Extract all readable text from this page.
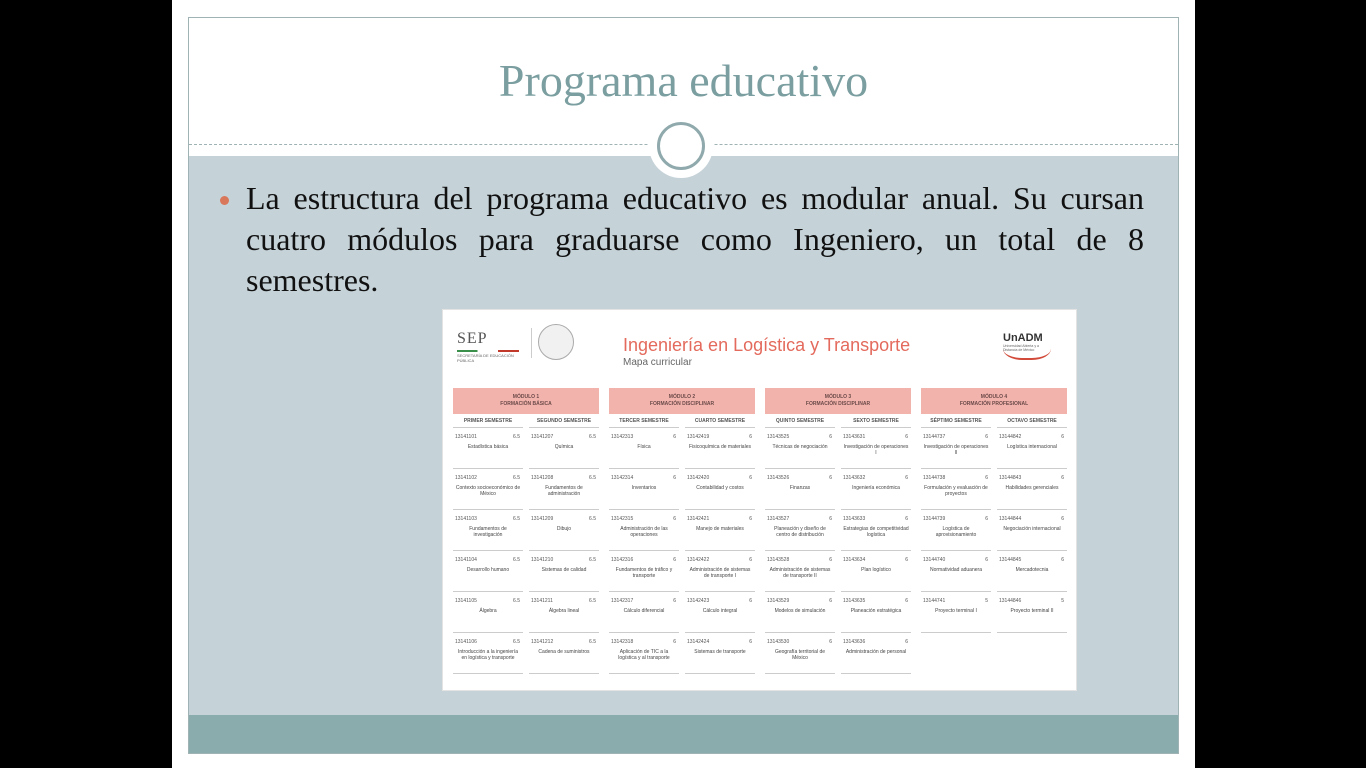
Programa educativo
La estructura del programa educativo es modular anual. Su cursan cuatro módulos para graduarse como Ingeniero, un total de 8 semestres.
SEP
SECRETARÍA DE EDUCACIÓN PÚBLICA
Ingeniería en Logística y Transporte
Mapa curricular
UnADM
Universidad Abierta y a Distancia de México
MÓDULO 1
FORMACIÓN BÁSICA
PRIMER SEMESTRE
13141101	6.5
Estadística básica
13141102	6.5
Contexto socioeconómico de México
13141103	6.5
Fundamentos de investigación
13141104	6.5
Desarrollo humano
13141105	6.5
Álgebra
13141106	6.5
Introducción a la ingeniería en logística y transporte
SEGUNDO SEMESTRE
13141207	6.5
Química
13141208	6.5
Fundamentos de administración
13141209	6.5
Dibujo
13141210	6.5
Sistemas de calidad
13141211	6.5
Álgebra lineal
13141212	6.5
Cadena de suministros
MÓDULO 2
FORMACIÓN DISCIPLINAR
TERCER SEMESTRE
13142313	6
Física
13142314	6
Inventarios
13142315	6
Administración de las operaciones
13142316	6
Fundamentos de tráfico y transporte
13142317	6
Cálculo diferencial
13142318	6
Aplicación de TIC a la logística y al transporte
CUARTO SEMESTRE
13142419	6
Fisicoquímica de materiales
13142420	6
Contabilidad y costos
13142421	6
Manejo de materiales
13142422	6
Administración de sistemas de transporte I
13142423	6
Cálculo integral
13142424	6
Sistemas de transporte
MÓDULO 3
FORMACIÓN DISCIPLINAR
QUINTO SEMESTRE
13143525	6
Técnicas de negociación
13143526	6
Finanzas
13143527	6
Planeación y diseño de centro de distribución
13143528	6
Administración de sistemas de transporte II
13143529	6
Modelos de simulación
13143530	6
Geografía territorial de México
SEXTO SEMESTRE
13143631	6
Investigación de operaciones I
13143632	6
Ingeniería económica
13143633	6
Estrategias de competitividad logística
13143634	6
Plan logístico
13143635	6
Planeación estratégica
13143636	6
Administración de personal
MÓDULO 4
FORMACIÓN PROFESIONAL
SÉPTIMO SEMESTRE
13144737	6
Investigación de operaciones II
13144738	6
Formulación y evaluación de proyectos
13144739	6
Logística de aprovisionamiento
13144740	6
Normatividad aduanera
13144741	5
Proyecto terminal I
OCTAVO SEMESTRE
13144842	6
Logística internacional
13144843	6
Habilidades gerenciales
13144844	6
Negociación internacional
13144845	6
Mercadotecnia
13144846	5
Proyecto terminal II
